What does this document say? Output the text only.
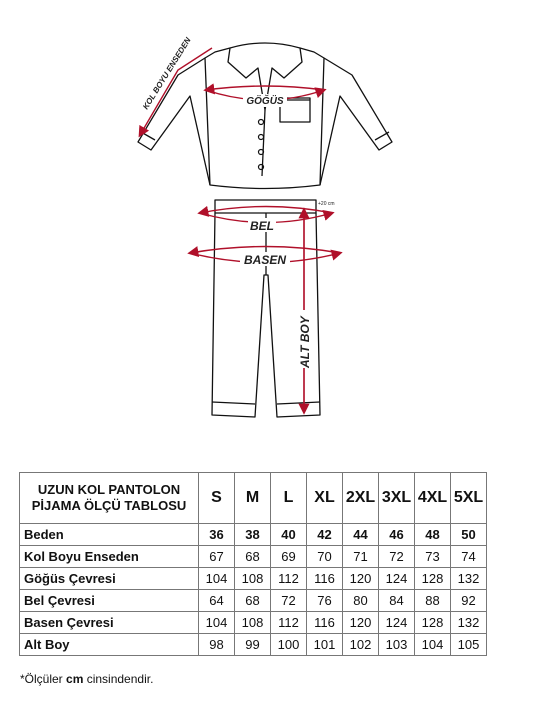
KOL BOYU ENSEDEN	GÖĞÜS
BEL
+20 cm
BASEN
ALT BOY
UZUN KOL PANTOLON
PİJAMA ÖLÇÜ TABLOSU	S	M	L	XL	2XL	3XL	4XL	5XL
Beden	36	38	40	42	44	46	48	50
Kol Boyu Enseden	67	68	69	70	71	72	73	74
Göğüs Çevresi	104	108	112	116	120	124	128	132
Bel Çevresi	64	68	72	76	80	84	88	92
Basen Çevresi	104	108	112	116	120	124	128	132
Alt Boy	98	99	100	101	102	103	104	105
*Ölçüler cm cinsindendir.
